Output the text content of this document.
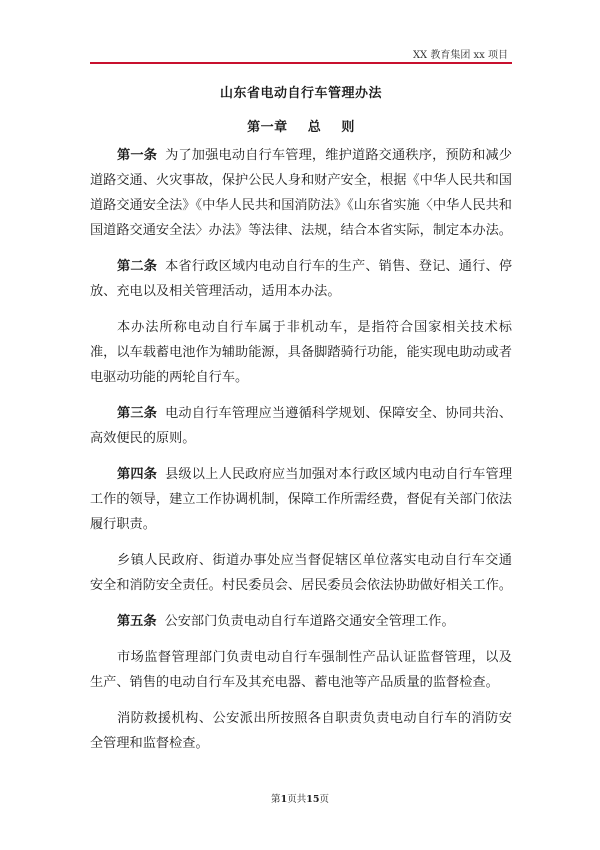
XX 教育集团 xx 项目
山东省电动自行车管理办法
第一章    总    则

第一条 为了加强电动自行车管理，维护道路交通秩序，预防和减少道路交通、火灾事故，保护公民人身和财产安全，根据《中华人民共和国道路交通安全法》《中华人民共和国消防法》《山东省实施〈中华人民共和国道路交通安全法〉办法》等法律、法规，结合本省实际，制定本办法。

第二条 本省行政区域内电动自行车的生产、销售、登记、通行、停放、充电以及相关管理活动，适用本办法。

本办法所称电动自行车属于非机动车，是指符合国家相关技术标准，以车载蓄电池作为辅助能源，具备脚踏骑行功能，能实现电助动或者电驱动功能的两轮自行车。

第三条 电动自行车管理应当遵循科学规划、保障安全、协同共治、高效便民的原则。

第四条 县级以上人民政府应当加强对本行政区域内电动自行车管理工作的领导，建立工作协调机制，保障工作所需经费，督促有关部门依法履行职责。

乡镇人民政府、街道办事处应当督促辖区单位落实电动自行车交通安全和消防安全责任。村民委员会、居民委员会依法协助做好相关工作。

第五条 公安部门负责电动自行车道路交通安全管理工作。

市场监督管理部门负责电动自行车强制性产品认证监督管理，以及生产、销售的电动自行车及其充电器、蓄电池等产品质量的监督检查。

消防救援机构、公安派出所按照各自职责负责电动自行车的消防安全管理和监督检查。

第1页共15页
